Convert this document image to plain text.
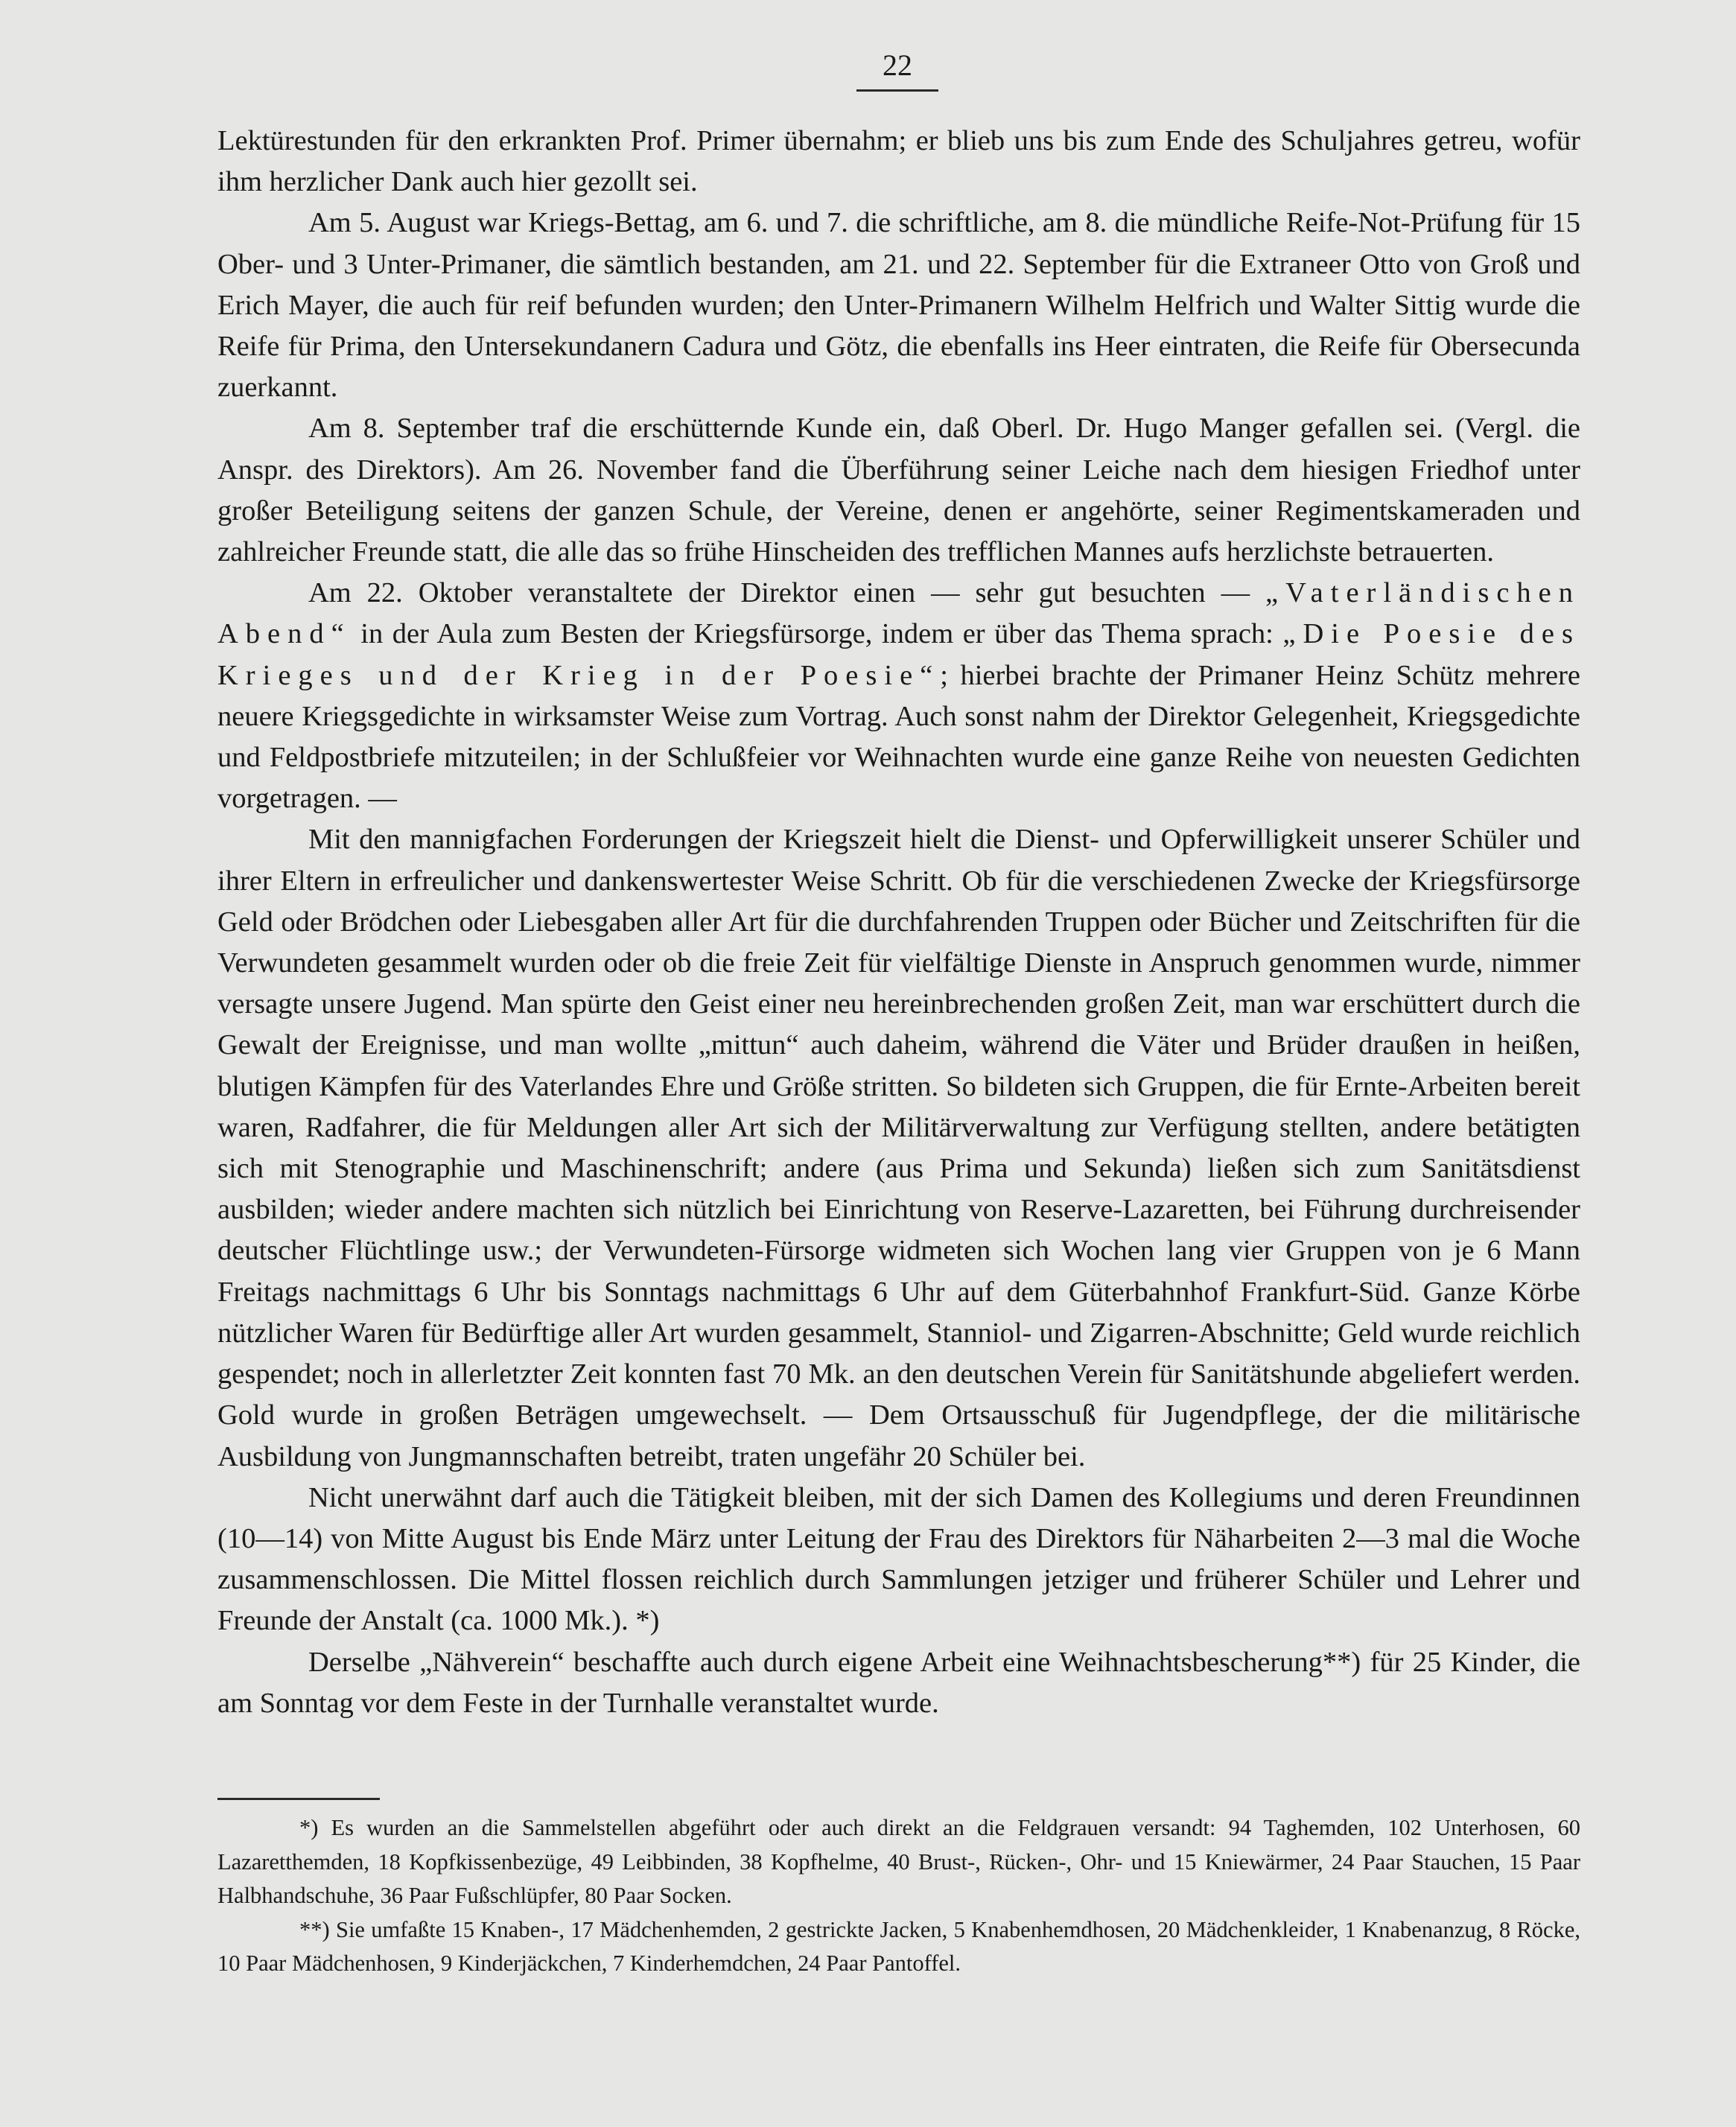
22

Lektürestunden für den erkrankten Prof. Primer übernahm; er blieb uns bis zum Ende des Schuljahres getreu, wofür ihm herzlicher Dank auch hier gezollt sei.

Am 5. August war Kriegs-Bettag, am 6. und 7. die schriftliche, am 8. die mündliche Reife-Not-Prüfung für 15 Ober- und 3 Unter-Primaner, die sämtlich bestanden, am 21. und 22. September für die Extraneer Otto von Groß und Erich Mayer, die auch für reif befunden wurden; den Unter-Primanern Wilhelm Helfrich und Walter Sittig wurde die Reife für Prima, den Untersekundanern Cadura und Götz, die ebenfalls ins Heer eintraten, die Reife für Obersecunda zuerkannt.

Am 8. September traf die erschütternde Kunde ein, daß Oberl. Dr. Hugo Manger gefallen sei. (Vergl. die Anspr. des Direktors). Am 26. November fand die Überführung seiner Leiche nach dem hiesigen Friedhof unter großer Beteiligung seitens der ganzen Schule, der Vereine, denen er angehörte, seiner Regimentskameraden und zahlreicher Freunde statt, die alle das so frühe Hinscheiden des trefflichen Mannes aufs herzlichste betrauerten.

Am 22. Oktober veranstaltete der Direktor einen — sehr gut besuchten — „Vaterländischen Abend“ in der Aula zum Besten der Kriegsfürsorge, indem er über das Thema sprach: „Die Poesie des Krieges und der Krieg in der Poesie“; hierbei brachte der Primaner Heinz Schütz mehrere neuere Kriegsgedichte in wirksamster Weise zum Vortrag. Auch sonst nahm der Direktor Gelegenheit, Kriegsgedichte und Feldpostbriefe mitzuteilen; in der Schlußfeier vor Weihnachten wurde eine ganze Reihe von neuesten Gedichten vorgetragen. —

Mit den mannigfachen Forderungen der Kriegszeit hielt die Dienst- und Opferwilligkeit unserer Schüler und ihrer Eltern in erfreulicher und dankenswertester Weise Schritt. Ob für die verschiedenen Zwecke der Kriegsfürsorge Geld oder Brödchen oder Liebesgaben aller Art für die durchfahrenden Truppen oder Bücher und Zeitschriften für die Verwundeten gesammelt wurden oder ob die freie Zeit für vielfältige Dienste in Anspruch genommen wurde, nimmer versagte unsere Jugend. Man spürte den Geist einer neu hereinbrechenden großen Zeit, man war erschüttert durch die Gewalt der Ereignisse, und man wollte „mittun“ auch daheim, während die Väter und Brüder draußen in heißen, blutigen Kämpfen für des Vaterlandes Ehre und Größe stritten. So bildeten sich Gruppen, die für Ernte-Arbeiten bereit waren, Radfahrer, die für Meldungen aller Art sich der Militärverwaltung zur Verfügung stellten, andere betätigten sich mit Stenographie und Maschinenschrift; andere (aus Prima und Sekunda) ließen sich zum Sanitätsdienst ausbilden; wieder andere machten sich nützlich bei Einrichtung von Reserve-Lazaretten, bei Führung durchreisender deutscher Flüchtlinge usw.; der Verwundeten-Fürsorge widmeten sich Wochen lang vier Gruppen von je 6 Mann Freitags nachmittags 6 Uhr bis Sonntags nachmittags 6 Uhr auf dem Güterbahnhof Frankfurt-Süd. Ganze Körbe nützlicher Waren für Bedürftige aller Art wurden gesammelt, Stanniol- und Zigarren-Abschnitte; Geld wurde reichlich gespendet; noch in allerletzter Zeit konnten fast 70 Mk. an den deutschen Verein für Sanitätshunde abgeliefert werden. Gold wurde in großen Beträgen umgewechselt. — Dem Ortsausschuß für Jugendpflege, der die militärische Ausbildung von Jungmannschaften betreibt, traten ungefähr 20 Schüler bei.

Nicht unerwähnt darf auch die Tätigkeit bleiben, mit der sich Damen des Kollegiums und deren Freundinnen (10—14) von Mitte August bis Ende März unter Leitung der Frau des Direktors für Näharbeiten 2—3 mal die Woche zusammenschlossen. Die Mittel flossen reichlich durch Sammlungen jetziger und früherer Schüler und Lehrer und Freunde der Anstalt (ca. 1000 Mk.). *)

Derselbe „Nähverein“ beschaffte auch durch eigene Arbeit eine Weihnachtsbescherung**) für 25 Kinder, die am Sonntag vor dem Feste in der Turnhalle veranstaltet wurde.

*) Es wurden an die Sammelstellen abgeführt oder auch direkt an die Feldgrauen versandt: 94 Taghemden, 102 Unterhosen, 60 Lazaretthemden, 18 Kopfkissenbezüge, 49 Leibbinden, 38 Kopfhelme, 40 Brust-, Rücken-, Ohr- und 15 Kniewärmer, 24 Paar Stauchen, 15 Paar Halbhandschuhe, 36 Paar Fußschlüpfer, 80 Paar Socken.

**) Sie umfaßte 15 Knaben-, 17 Mädchenhemden, 2 gestrickte Jacken, 5 Knabenhemdhosen, 20 Mädchenkleider, 1 Knabenanzug, 8 Röcke, 10 Paar Mädchenhosen, 9 Kinderjäckchen, 7 Kinderhemdchen, 24 Paar Pantoffel.
